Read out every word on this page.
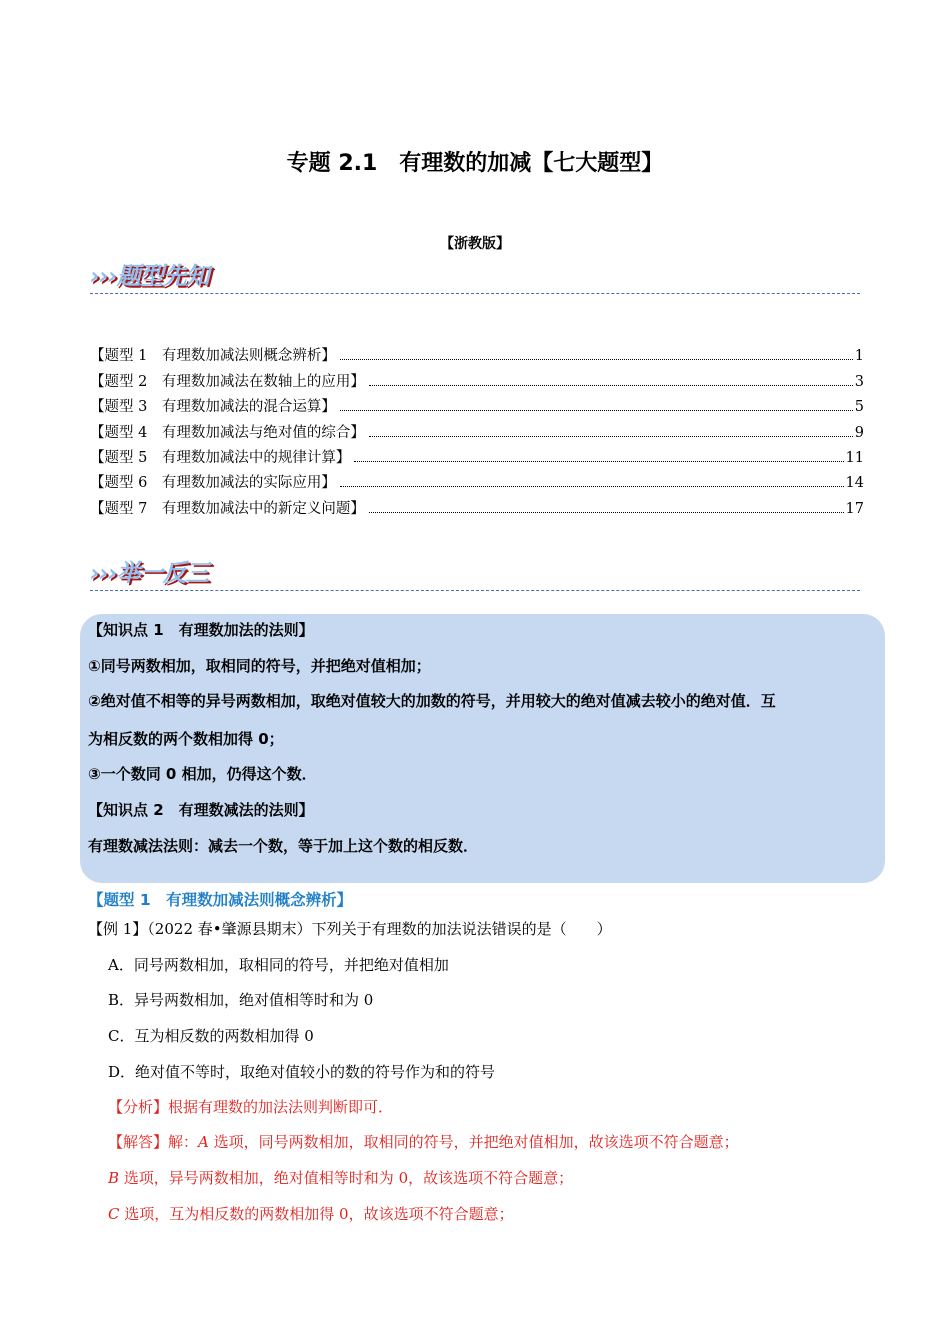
专题 2.1　有理数的加减【七大题型】
【浙教版】
›››题型先知
【题型 1　有理数加减法则概念辨析】	1
【题型 2　有理数加减法在数轴上的应用】	3
【题型 3　有理数加减法的混合运算】	5
【题型 4　有理数加减法与绝对值的综合】	9
【题型 5　有理数加减法中的规律计算】	11
【题型 6　有理数加减法的实际应用】	14
【题型 7　有理数加减法中的新定义问题】	17
›››举一反三
【知识点 1　有理数加法的法则】
①同号两数相加，取相同的符号，并把绝对值相加；
②绝对值不相等的异号两数相加，取绝对值较大的加数的符号，并用较大的绝对值减去较小的绝对值．互
为相反数的两个数相加得 0；
③一个数同 0 相加，仍得这个数．
【知识点 2　有理数减法的法则】
有理数减法法则：减去一个数，等于加上这个数的相反数．
【题型 1　有理数加减法则概念辨析】
【例 1】（2022 春•肇源县期末）下列关于有理数的加法说法错误的是（　　）
A．同号两数相加，取相同的符号，并把绝对值相加
B．异号两数相加，绝对值相等时和为 0
C．互为相反数的两数相加得 0
D．绝对值不等时，取绝对值较小的数的符号作为和的符号
【分析】根据有理数的加法法则判断即可．
【解答】解：A 选项，同号两数相加，取相同的符号，并把绝对值相加，故该选项不符合题意；
B 选项，异号两数相加，绝对值相等时和为 0，故该选项不符合题意；
C 选项，互为相反数的两数相加得 0，故该选项不符合题意；
